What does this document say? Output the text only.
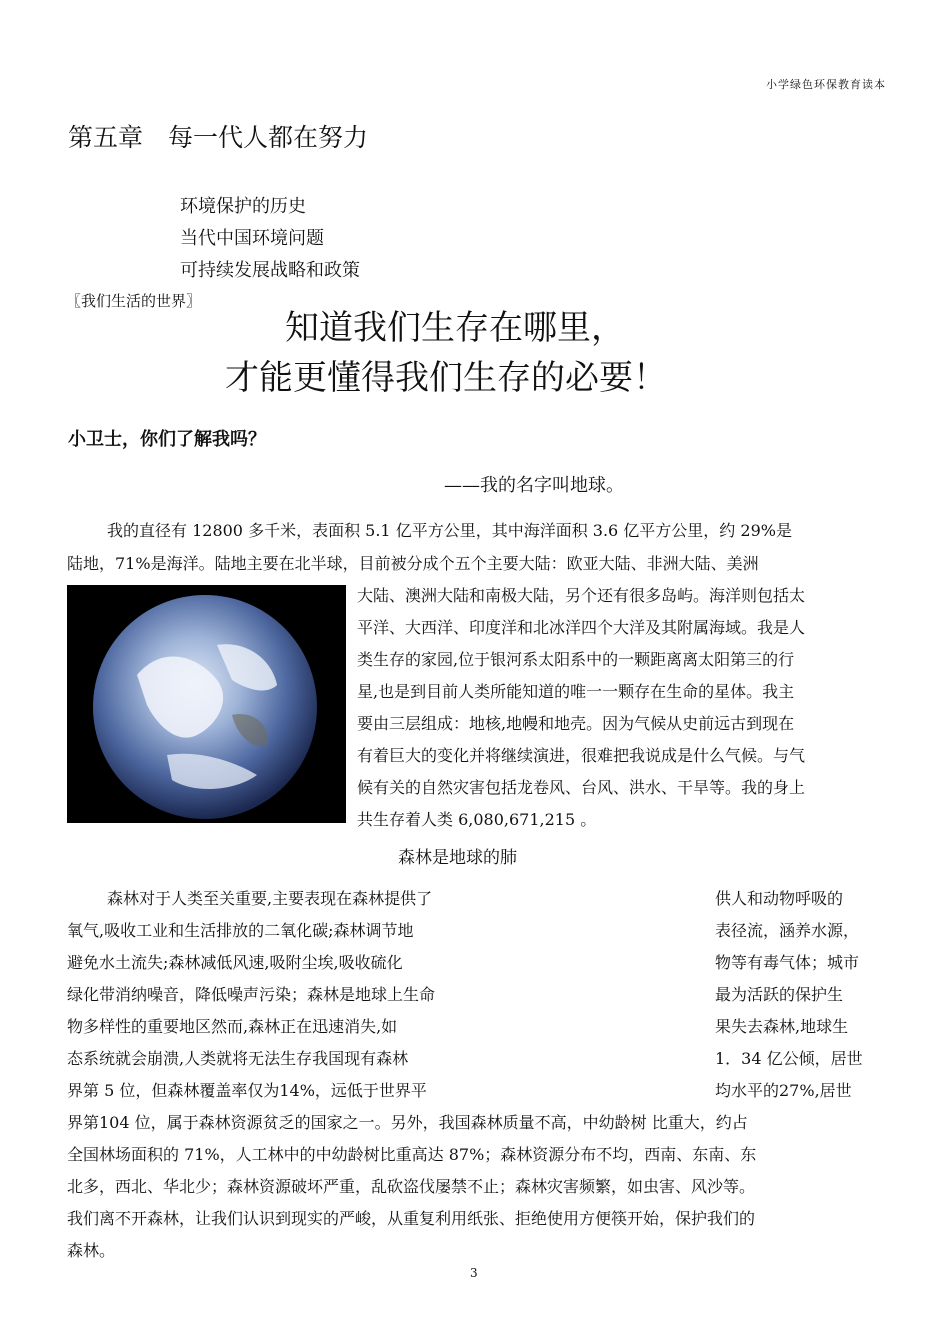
小学绿色环保教育读本
第五章　每一代人都在努力
环境保护的历史
当代中国环境问题
可持续发展战略和政策
〖我们生活的世界〗
知道我们生存在哪里，
才能更懂得我们生存的必要！
小卫士，你们了解我吗？
——我的名字叫地球。
我的直径有 12800 多千米，表面积 5.1 亿平方公里，其中海洋面积 3.6 亿平方公里，约 29%是
陆地，71%是海洋。陆地主要在北半球，目前被分成个五个主要大陆：欧亚大陆、非洲大陆、美洲
大陆、澳洲大陆和南极大陆，另个还有很多岛屿。海洋则包括太
平洋、大西洋、印度洋和北冰洋四个大洋及其附属海域。我是人
类生存的家园,位于银河系太阳系中的一颗距离离太阳第三的行
星,也是到目前人类所能知道的唯一一颗存在生命的星体。我主
要由三层组成：地核,地幔和地壳。因为气候从史前远古到现在
有着巨大的变化并将继续演进，很难把我说成是什么气候。与气
候有关的自然灾害包括龙卷风、台风、洪水、干旱等。我的身上
共生存着人类 6,080,671,215 。
森林是地球的肺
森林对于人类至关重要,主要表现在森林提供了
氧气,吸收工业和生活排放的二氧化碳;森林调节地
避免水土流失;森林减低风速,吸附尘埃,吸收硫化
绿化带消纳噪音，降低噪声污染；森林是地球上生命
物多样性的重要地区然而,森林正在迅速消失,如
态系统就会崩溃,人类就将无法生存我国现有森林
界第 5 位，但森林覆盖率仅为14%，远低于世界平
供人和动物呼吸的
表径流，涵养水源，
物等有毒气体；城市
最为活跃的保护生
果失去森林,地球生
1．34 亿公倾，居世
均水平的27%,居世
界第104 位，属于森林资源贫乏的国家之一。另外，我国森林质量不高，中幼龄树 比重大，约占
全国林场面积的 71%，人工林中的中幼龄树比重高达 87%；森林资源分布不均，西南、东南、东
北多，西北、华北少；森林资源破坏严重，乱砍盗伐屡禁不止；森林灾害频繁，如虫害、风沙等。
我们离不开森林，让我们认识到现实的严峻，从重复利用纸张、拒绝使用方便筷开始，保护我们的
森林。
3
